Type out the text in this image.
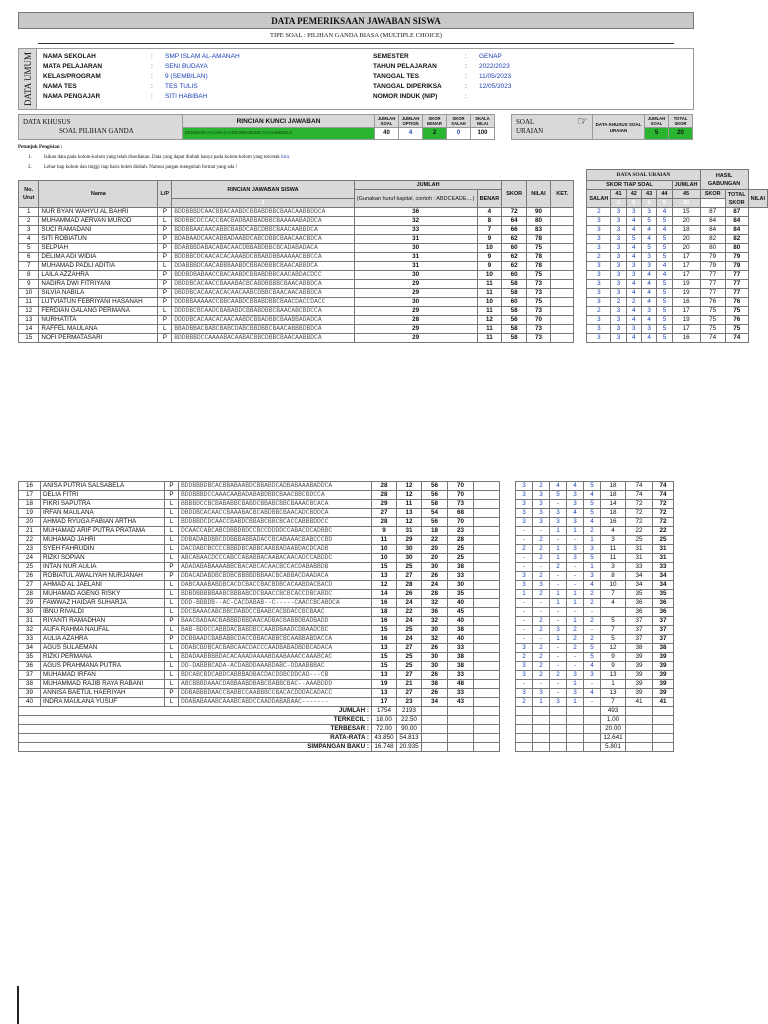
DATA PEMERIKSAAN JAWABAN SISWA
TIPE SOAL : PILIHAN GANDA BIASA (MULTIPLE CHOICE)
DATA UMUM NAMA SEKOLAH	:	SMP ISLAM AL-AMANAH
MATA PELAJARAN	:	SENI BUDAYA
KELAS/PROGRAM	:	9 (SEMBILAN)
NAMA TES	:	TES TULIS
NAMA PENGAJAR	:	SITI HABIBAH
SEMESTER	:	GENAP
TAHUN PELAJARAN	:	2022/2023
TANGGAL TES	:	11/05/2023
TANGGAL DIPERIKSA	:	12/05/2023
NOMOR INDUK (NIP)	:
DATA KHUSUS
SOAL PILIHAN GANDA
RINCIAN KUNCI JAWABAN
BDDBBADCAACABACAABDCBBABDBBCAACAABBDBCA
JUMLAH SOAL
40
JUMLAH OPTION
4
SKOR BENAR
2
SKOR SALAH
0
SKALA NILAI
100
SOAL
URAIAN
☞	DATA KHUSUS SOAL URAIAN
JUMLAH SOAL
5
TOTAL SKOR
20
Petunjuk Pengisian :
1. Isikan data pada kolom-kolom yang telah disediakan. Data yang dapat diubah hanya pada kolom-kolom yang tercetak biru.
2. Lebar tiap kolom dan tinggi tiap baris boleh diubah. Namun jangan mengubah format yang ada !
										DATA SOAL URAIAN						HASIL GABUNGAN		
No. Urut	Nama	L/P	RINCIAN JAWABAN SISWA	JUMLAH		SKOR	NILAI	KET.		SKOR TIAP SOAL					JUMLAH			
				(Gunakan huruf kapital, contoh : ABDCEADE....)	BENAR					SALAH	41	42	43	44	45	SKOR	TOTAL SKOR	NILAI
			3								3	5	4	5	20			
1	NUR BYAN WAHYU AL BAHRI	P	BDDBBBDCAACBBACAABDCBBABDBBCBAACAABBDDCA	36	4	72	90			2	3	3	3	4	15	87	87	
2	MUHAMMAD AERVAN MUROD	L	BDDBBCDCCACCBACBADBABBADBBCBAAAAABADDCA	32	8	64	80			3	3	4	5	5	20	84	84	
3	SUCI RAMADANI	P	BDDBBAACAACABBCBABDCABCDBBCBAACAABBDCA	33	7	66	83			3	3	4	4	4	18	84	84	
4	SITI ROBIATUN	P	BDABAADCAACABBADAABDCABCDBBCBAACAACBDCA	31	9	62	78			3	3	5	4	5	20	82	82	
5	SELPIAH	P	BDABBBDABACABACAACDBBABDBBCBCADABADACA	30	10	60	75			3	3	4	5	5	20	80	80	
6	DELIMA ADI WIDIA	P	BDDBBCDCAACACACAAABDCBBABDBBAAAAACBBCCA	31	9	62	78			2	3	4	3	5	17	79	79	
7	MUHAMAD PADLI ADITIA	L	DDABBBDCAACABBBAABDCBBADBBBCBAACABBDCA	31	9	62	78			3	3	3	3	4	17	79	79	
8	LAILA AZZAHRA	P	BDDBDBABAACCBACAABDCBBABDBBCAACABDACDCC	30	10	60	75			3	3	3	4	4	17	77	77	
9	NADIRA DWI FITRIYANI	P	DBDDBCACAACCBAAABACBCABDBBBBCBAACABBDCA	29	11	58	73			3	3	4	4	5	19	77	77	
10	SILVIA NABILA	P	DBDDBCACAACACACAACAABCDBBCBAACAACABBDCA	29	11	58	73			3	3	4	4	5	19	77	77	
11	LUTVIATUN FEBRIYANI HASANAH	P	DDDBBAAAAACCBBCAABDCBBABDBBCBAACDACCDACC	30	10	60	75			3	2	2	4	5	16	76	76	
12	FERDIAN GALANG PERMANA	L	DDDDBCBCAADCBABABDCBBABDBBCBAACABCBDCCA	29	11	58	73			2	3	4	3	5	17	75	75	
13	NURHATITA	P	DDDDBCACAACACAACAABDCBBADBBCBAABBADADCA	28	12	56	70			3	3	4	4	5	19	75	76	
14	RAFFEL MAULANA	L	BBADBBACBABCBABCDABCBBDBBCBAACABBBDBDCA	29	11	58	73			3	3	3	3	5	17	75	75	
15	NOFI PERMATASARI	P	BDDBBBDCCAAAABACAABACBBCDBBCBAACAABBDCA	29	11	58	73			3	3	4	4	5	16	74	74	
16	ANISA PUTRIA SALSABELA	P	BDDBBBDBCACBBABAABDCBBABDCADBABAAABADDCA	28	12	56	70			3	2	4	4	5	18	74	74
17	DELIA FITRI	P	BDDBBBDCCAAACAABADABABDBBCBAACBBCBDCCA	28	12	56	70			3	3	5	3	4	18	74	74
18	FIKRI SAPUTRA	L	BBBBDCCBCBABABBCBABDCBBABCBBCBAAACBCACA	29	11	58	73			3	3	-	3	5	14	72	72
19	IRFAN MAULANA	L	DBDDBCACAACCBAAABACBCABDBBCBAACADCBDDCA	27	13	54	68			3	3	3	4	5	18	72	72
20	AHMAD RYUGA FABIAN ARTHA	L	BDDBBDCDCAACCBABDCBBABCBBCBCACCABBBDDCC	28	12	56	70			3	3	3	3	4	16	72	72
21	MUHAMAD ARIF PUTRA PRATAMA	L	DCAACCABCABCDBBDBDCCBCCDDDDCCABACDCADBBC	9	31	18	23			-	-	1	1	2	4	22	22
22	MUHAMAD JAHRI	L	DDBADABDBBCDDBBBABBADACCBCABAAACBABCCCBD	11	29	22	28			-	2	-	-	1	3	25	25
23	SYEH FAHRUDIN	L	DACDABCBCCCCBBBDBCABBCAABBADAABDACDCADB	10	30	20	25			2	2	1	3	3	11	31	31
24	RIZKI SOPIAN	L	ABCABAACDCCCABCCABABBACAABACAACADCCABDDC	10	30	20	25			-	2	1	3	5	11	31	31
25	INTAN NUR AULIA	P	ADADABABAAAABBCBACABCACAACBCCACDABABBDB	15	25	30	38			-	-	2	-	1	3	33	33
26	ROBIATUL AWALIYAH NURJANAH	P	DDACADABDBCBDBCBBBBDBBAACBCABBACDAADACA	13	27	26	33			3	2	-	-	3	8	34	34
27	AHMAD AL JAELANI	L	DABCAAABABDBCACDCBACCBACBDBCACAABDACBACD	12	28	24	30			3	3	-	-	4	10	34	34
28	MUHAMAD AGENG RISKY	L	BDBDBBBBBAABCBBBABCDCBAACCBCBCACCDBCABDC	14	26	28	35			1	2	1	1	2	7	35	35
29	FAWWAZ HAIDAR SUHARJA	L	DDD-BBBDB--AC-CACDABAB--C-----CAACCBCABDCA	16	24	32	40			-	-	1	1	2	4	36	36
30	IBNU RIVALDI	L	DDCBAAACABCBBCDABDCCBAABCACBDACCBCBAAC	18	22	36	45			-	-	-	-	-		36	36
31	RIYANTI RAMADHAN	P	BAACBADAACBABBBDBBDAACADBACBABBDBADBADD	16	24	32	40			-	2	-	1	2	5	37	37
32	AUFA RAHMA NAUFAL	L	BAB-BDDCCABBDACBABDBCCAABDBAADCDBAADCBC	15	25	30	38			-	2	3	2	-	7	37	37
33	AULIA AZAHRA	P	DCBBAADCBABABBCDACCBBACABBCBCAABBABDACCA	16	24	32	40			-	-	1	2	2	5	37	37
34	AGUS SULAEMAN	L	DDABCBDBCACBABCAACDACCCAADBABADBDBCADACA	13	27	26	33			3	2	-	2	5	12	38	38
35	RIZKI PERMANA	L	BDADAABBBBDACACAAADAAAABDAABAAACCAAABCAC	15	25	30	38			2	2	-	-	5	9	39	39
36	AGUS PRAHMANA PUTRA	L	DD-DABBBCADA-ACDABDDAAABDABC-DDAABBBAC	15	25	30	38			3	2	-	-	4	9	39	39
37	MUHAMAD IRFAN	L	BDCABCBDCABDCABBBADBACDACDDBCDDCAD---CB	13	27	26	33			3	2	2	3	3	13	39	39
38	MUHAMMAD RAJIB RAYA RABANI	L	ABCBBBDAAACDABBAABDBABCBABBCBAC--AAABDDD	19	21	38	48			-	-	-	1	-	1	39	39
39	ANNISA BAETUL HAERIYAH	P	DDBABBBDAACCBABBCCAABBBCCBACACDDDACADACC	13	27	26	33			3	3	-	3	4	13	39	39
40	INDRA MAULANA YUSUF	L	DDABABAAABCAAABCABDCCAADDABABAAC-------	17	23	34	43			2	1	3	1	-	7	41	41
JUMLAH :				1754	2193										493		
TERKECIL :				18.00	22.50										1.00		
TERBESAR :				72.00	90.00										20.00		
RATA-RATA :				43.850	54.813										12.641		
SIMPANGAN BAKU :				16.748	20.935										5.801		
